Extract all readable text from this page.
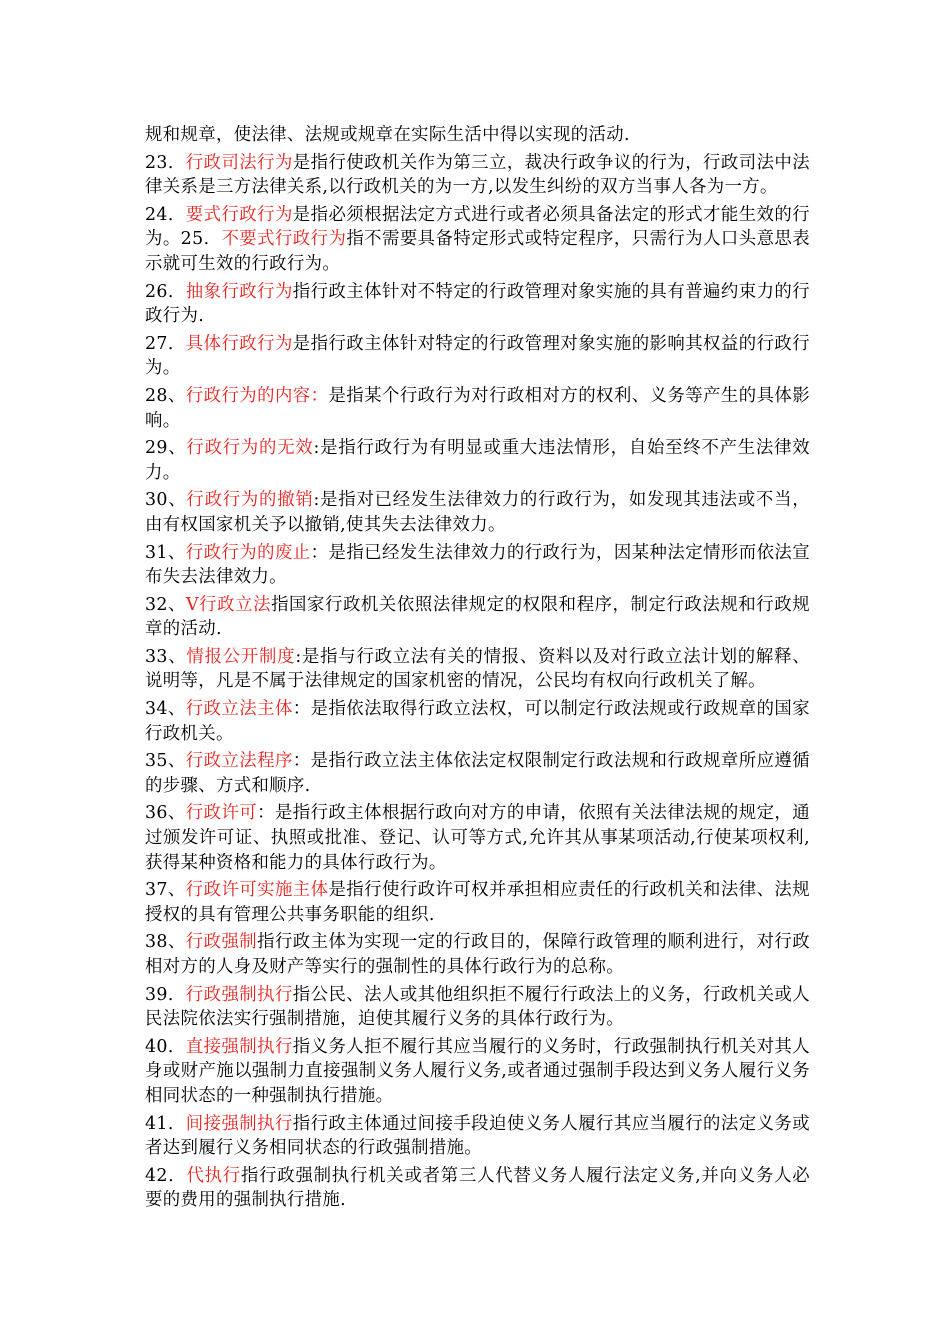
规和规章，使法律、法规或规章在实际生活中得以实现的活动.

23．行政司法行为是指行使政机关作为第三立，裁决行政争议的行为，行政司法中法律关系是三方法律关系,以行政机关的为一方,以发生纠纷的双方当事人各为一方。

24．要式行政行为是指必须根据法定方式进行或者必须具备法定的形式才能生效的行为。25．不要式行政行为指不需要具备特定形式或特定程序，只需行为人口头意思表示就可生效的行政行为。

26．抽象行政行为指行政主体针对不特定的行政管理对象实施的具有普遍约束力的行政行为.

27．具体行政行为是指行政主体针对特定的行政管理对象实施的影响其权益的行政行为。

28、行政行为的内容：是指某个行政行为对行政相对方的权利、义务等产生的具体影响。

29、行政行为的无效:是指行政行为有明显或重大违法情形，自始至终不产生法律效力。

30、行政行为的撤销:是指对已经发生法律效力的行政行为，如发现其违法或不当，由有权国家机关予以撤销,使其失去法律效力。

31、行政行为的废止：是指已经发生法律效力的行政行为，因某种法定情形而依法宣布失去法律效力。

32、Ⅴ行政立法指国家行政机关依照法律规定的权限和程序，制定行政法规和行政规章的活动.

33、情报公开制度:是指与行政立法有关的情报、资料以及对行政立法计划的解释、说明等，凡是不属于法律规定的国家机密的情况，公民均有权向行政机关了解。

34、行政立法主体：是指依法取得行政立法权，可以制定行政法规或行政规章的国家行政机关。

35、行政立法程序：是指行政立法主体依法定权限制定行政法规和行政规章所应遵循的步骤、方式和顺序.

36、行政许可：是指行政主体根据行政向对方的申请，依照有关法律法规的规定，通过颁发许可证、执照或批准、登记、认可等方式,允许其从事某项活动,行使某项权利,获得某种资格和能力的具体行政行为。

37、行政许可实施主体是指行使行政许可权并承担相应责任的行政机关和法律、法规授权的具有管理公共事务职能的组织.

38、行政强制指行政主体为实现一定的行政目的，保障行政管理的顺利进行，对行政相对方的人身及财产等实行的强制性的具体行政行为的总称。

39．行政强制执行指公民、法人或其他组织拒不履行行政法上的义务，行政机关或人民法院依法实行强制措施，迫使其履行义务的具体行政行为。

40．直接强制执行指义务人拒不履行其应当履行的义务时，行政强制执行机关对其人身或财产施以强制力直接强制义务人履行义务,或者通过强制手段达到义务人履行义务相同状态的一种强制执行措施。

41．间接强制执行指行政主体通过间接手段迫使义务人履行其应当履行的法定义务或者达到履行义务相同状态的行政强制措施。

42．代执行指行政强制执行机关或者第三人代替义务人履行法定义务,并向义务人必要的费用的强制执行措施.
